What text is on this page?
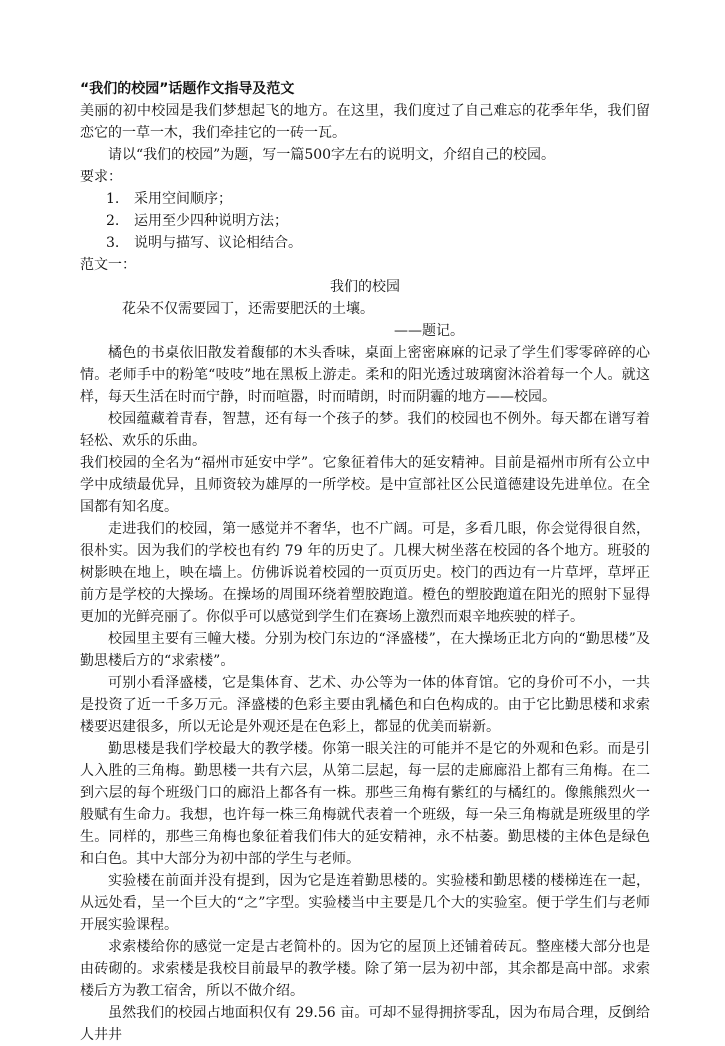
“我们的校园”话题作文指导及范文

美丽的初中校园是我们梦想起飞的地方。在这里，我们度过了自己难忘的花季年华，我们留恋它的一草一木，我们牵挂它的一砖一瓦。

请以“我们的校园”为题，写一篇500字左右的说明文，介绍自己的校园。

要求：

1.	采用空间顺序；
2.	运用至少四种说明方法；
3.	说明与描写、议论相结合。

范文一：

我们的校园

花朵不仅需要园丁，还需要肥沃的土壤。

——题记。

橘色的书桌依旧散发着馥郁的木头香味，桌面上密密麻麻的记录了学生们零零碎碎的心情。老师手中的粉笔“吱吱”地在黑板上游走。柔和的阳光透过玻璃窗沐浴着每一个人。就这样，每天生活在时而宁静，时而喧嚣，时而晴朗，时而阴霾的地方——校园。

校园蕴藏着青春，智慧，还有每一个孩子的梦。我们的校园也不例外。每天都在谱写着轻松、欢乐的乐曲。

我们校园的全名为“福州市延安中学”。它象征着伟大的延安精神。目前是福州市所有公立中学中成绩最优异，且师资较为雄厚的一所学校。是中宣部社区公民道德建设先进单位。在全国都有知名度。

走进我们的校园，第一感觉并不奢华，也不广阔。可是，多看几眼，你会觉得很自然，很朴实。因为我们的学校也有约 79 年的历史了。几棵大树坐落在校园的各个地方。班驳的树影映在地上，映在墙上。仿佛诉说着校园的一页页历史。校门的西边有一片草坪，草坪正前方是学校的大操场。在操场的周围环绕着塑胶跑道。橙色的塑胶跑道在阳光的照射下显得更加的光鲜亮丽了。你似乎可以感觉到学生们在赛场上激烈而艰辛地疾驶的样子。

校园里主要有三幢大楼。分别为校门东边的“泽盛楼”，在大操场正北方向的“勤思楼”及勤思楼后方的“求索楼”。

可别小看泽盛楼，它是集体育、艺术、办公等为一体的体育馆。它的身价可不小，一共是投资了近一千多万元。泽盛楼的色彩主要由乳橘色和白色构成的。由于它比勤思楼和求索楼要迟建很多，所以无论是外观还是在色彩上，都显的优美而崭新。

勤思楼是我们学校最大的教学楼。你第一眼关注的可能并不是它的外观和色彩。而是引人入胜的三角梅。勤思楼一共有六层，从第二层起，每一层的走廊廊沿上都有三角梅。在二到六层的每个班级门口的廊沿上都各有一株。那些三角梅有紫红的与橘红的。像熊熊烈火一般赋有生命力。我想，也许每一株三角梅就代表着一个班级，每一朵三角梅就是班级里的学生。同样的，那些三角梅也象征着我们伟大的延安精神，永不枯萎。勤思楼的主体色是绿色和白色。其中大部分为初中部的学生与老师。

实验楼在前面并没有提到，因为它是连着勤思楼的。实验楼和勤思楼的楼梯连在一起，从远处看，呈一个巨大的“之”字型。实验楼当中主要是几个大的实验室。便于学生们与老师开展实验课程。

求索楼给你的感觉一定是古老简朴的。因为它的屋顶上还铺着砖瓦。整座楼大部分也是由砖砌的。求索楼是我校目前最早的教学楼。除了第一层为初中部，其余都是高中部。求索楼后方为教工宿舍，所以不做介绍。

虽然我们的校园占地面积仅有 29.56 亩。可却不显得拥挤零乱，因为布局合理，反倒给人井井
